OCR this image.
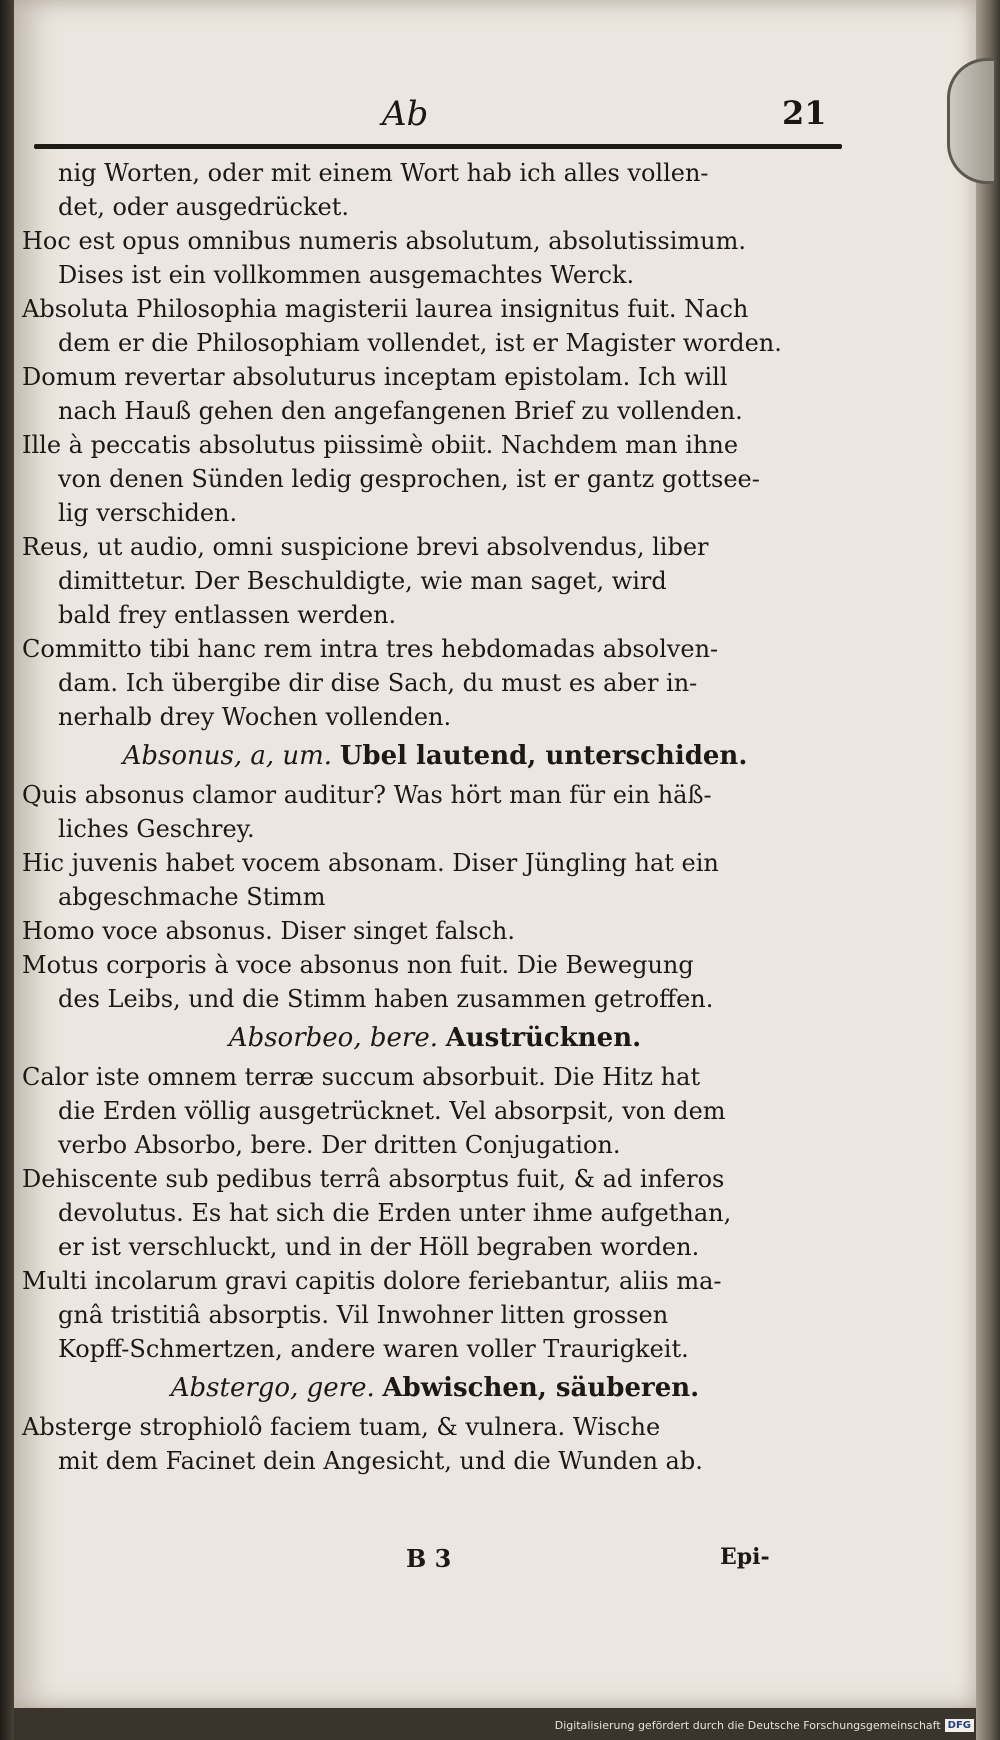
Ab	21
nig Worten, oder mit einem Wort hab ich alles vollen-
det, oder ausgedrücket.
Hoc est opus omnibus numeris absolutum, absolutissimum.
Dises ist ein vollkommen ausgemachtes Werck.
Absoluta Philosophia magisterii laurea insignitus fuit. Nach
dem er die Philosophiam vollendet, ist er Magister worden.
Domum revertar absoluturus inceptam epistolam. Ich will
nach Hauß gehen den angefangenen Brief zu vollenden.
Ille à peccatis absolutus piissimè obiit. Nachdem man ihne
von denen Sünden ledig gesprochen, ist er gantz gottsee-
lig verschiden.
Reus, ut audio, omni suspicione brevi absolvendus, liber
dimittetur. Der Beschuldigte, wie man saget, wird
bald frey entlassen werden.
Committo tibi hanc rem intra tres hebdomadas absolven-
dam. Ich übergibe dir dise Sach, du must es aber in-
nerhalb drey Wochen vollenden.
Absonus, a, um. Ubel lautend, unterschiden.
Quis absonus clamor auditur? Was hört man für ein häß-
liches Geschrey.
Hic juvenis habet vocem absonam. Diser Jüngling hat ein
abgeschmache Stimm
Homo voce absonus. Diser singet falsch.
Motus corporis à voce absonus non fuit. Die Bewegung
des Leibs, und die Stimm haben zusammen getroffen.
Absorbeo, bere. Austrücknen.
Calor iste omnem terræ succum absorbuit. Die Hitz hat
die Erden völlig ausgetrücknet. Vel absorpsit, von dem
verbo Absorbo, bere. Der dritten Conjugation.
Dehiscente sub pedibus terrâ absorptus fuit, & ad inferos
devolutus. Es hat sich die Erden unter ihme aufgethan,
er ist verschluckt, und in der Höll begraben worden.
Multi incolarum gravi capitis dolore feriebantur, aliis ma-
gnâ tristitiâ absorptis. Vil Inwohner litten grossen
Kopff-Schmertzen, andere waren voller Traurigkeit.
Abstergo, gere. Abwischen, säuberen.
Absterge strophiolô faciem tuam, & vulnera. Wische
mit dem Facinet dein Angesicht, und die Wunden ab.
B 3	Epi-
Digitalisierung gefördert durch die Deutsche Forschungsgemeinschaft DFG
